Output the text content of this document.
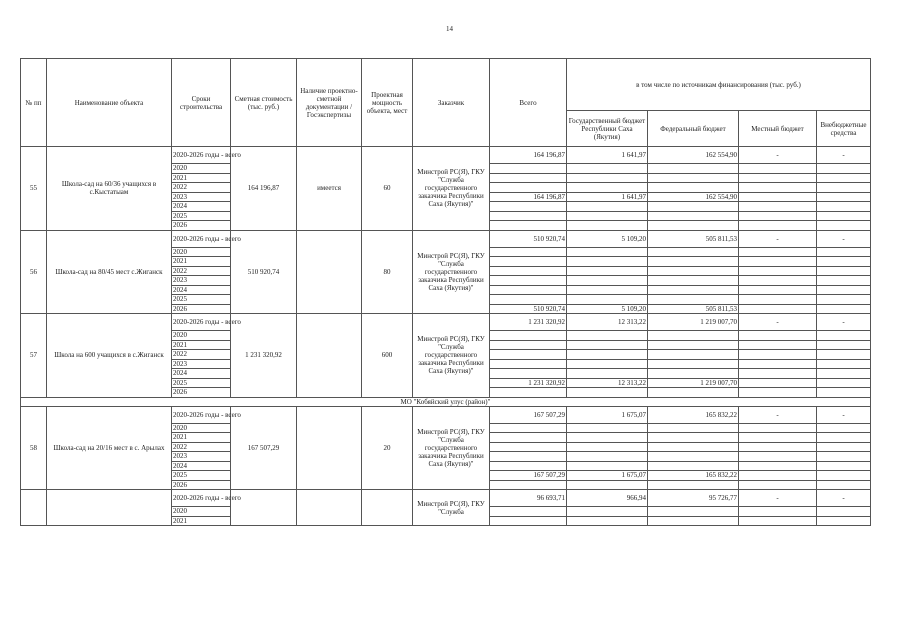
14
№ пп	Наименование объекта	Сроки строительства	Сметная стоимость (тыс. руб.)	Наличие проектно-сметной документации /Госэкспертизы	Проектная мощность объекта, мест	Заказчик	Всего	в том числе по источникам финансирования (тыс. руб.)			
								Государственный бюджет Республики Саха (Якутия)	Федеральный бюджет	Местный бюджет	Внебюджетные средства
55	Школа-сад на 60/36 учащихся в с.Кыстатыам	2020-2026 годы - всего	164 196,87	имеется	60	Минстрой РС(Я), ГКУ "Служба государственного заказчика Республики Саха (Якутия)"	164 196,87	1 641,97	162 554,90	-	-
		2020									
		2021									
		2022									
		2023					164 196,87	1 641,97	162 554,90		
		2024									
		2025									
		2026									
56	Школа-сад на 80/45 мест с.Жиганск	2020-2026 годы - всего	510 920,74		80	Минстрой РС(Я), ГКУ "Служба государственного заказчика Республики Саха (Якутия)"	510 920,74	5 109,20	505 811,53	-	-
		2020									
		2021									
		2022									
		2023									
		2024									
		2025									
		2026					510 920,74	5 109,20	505 811,53		
57	Школа на 600 учащихся в с.Жиганск	2020-2026 годы - всего	1 231 320,92		600	Минстрой РС(Я), ГКУ "Служба государственного заказчика Республики Саха (Якутия)"	1 231 320,92	12 313,22	1 219 007,70	-	-
		2020									
		2021									
		2022									
		2023									
		2024									
		2025					1 231 320,92	12 313,22	1 219 007,70		
		2026									
МО "Кобяйский улус (район)"											
58	Школа-сад на 20/16 мест в с. Арылах	2020-2026 годы - всего	167 507,29		20	Минстрой РС(Я), ГКУ "Служба государственного заказчика Республики Саха (Якутия)"	167 507,29	1 675,07	165 832,22	-	-
		2020									
		2021									
		2022									
		2023									
		2024									
		2025					167 507,29	1 675,07	165 832,22		
		2026									
		2020-2026 годы - всего				Минстрой РС(Я), ГКУ "Служба	96 693,71	966,94	95 726,77	-	-
		2020									
		2021									
